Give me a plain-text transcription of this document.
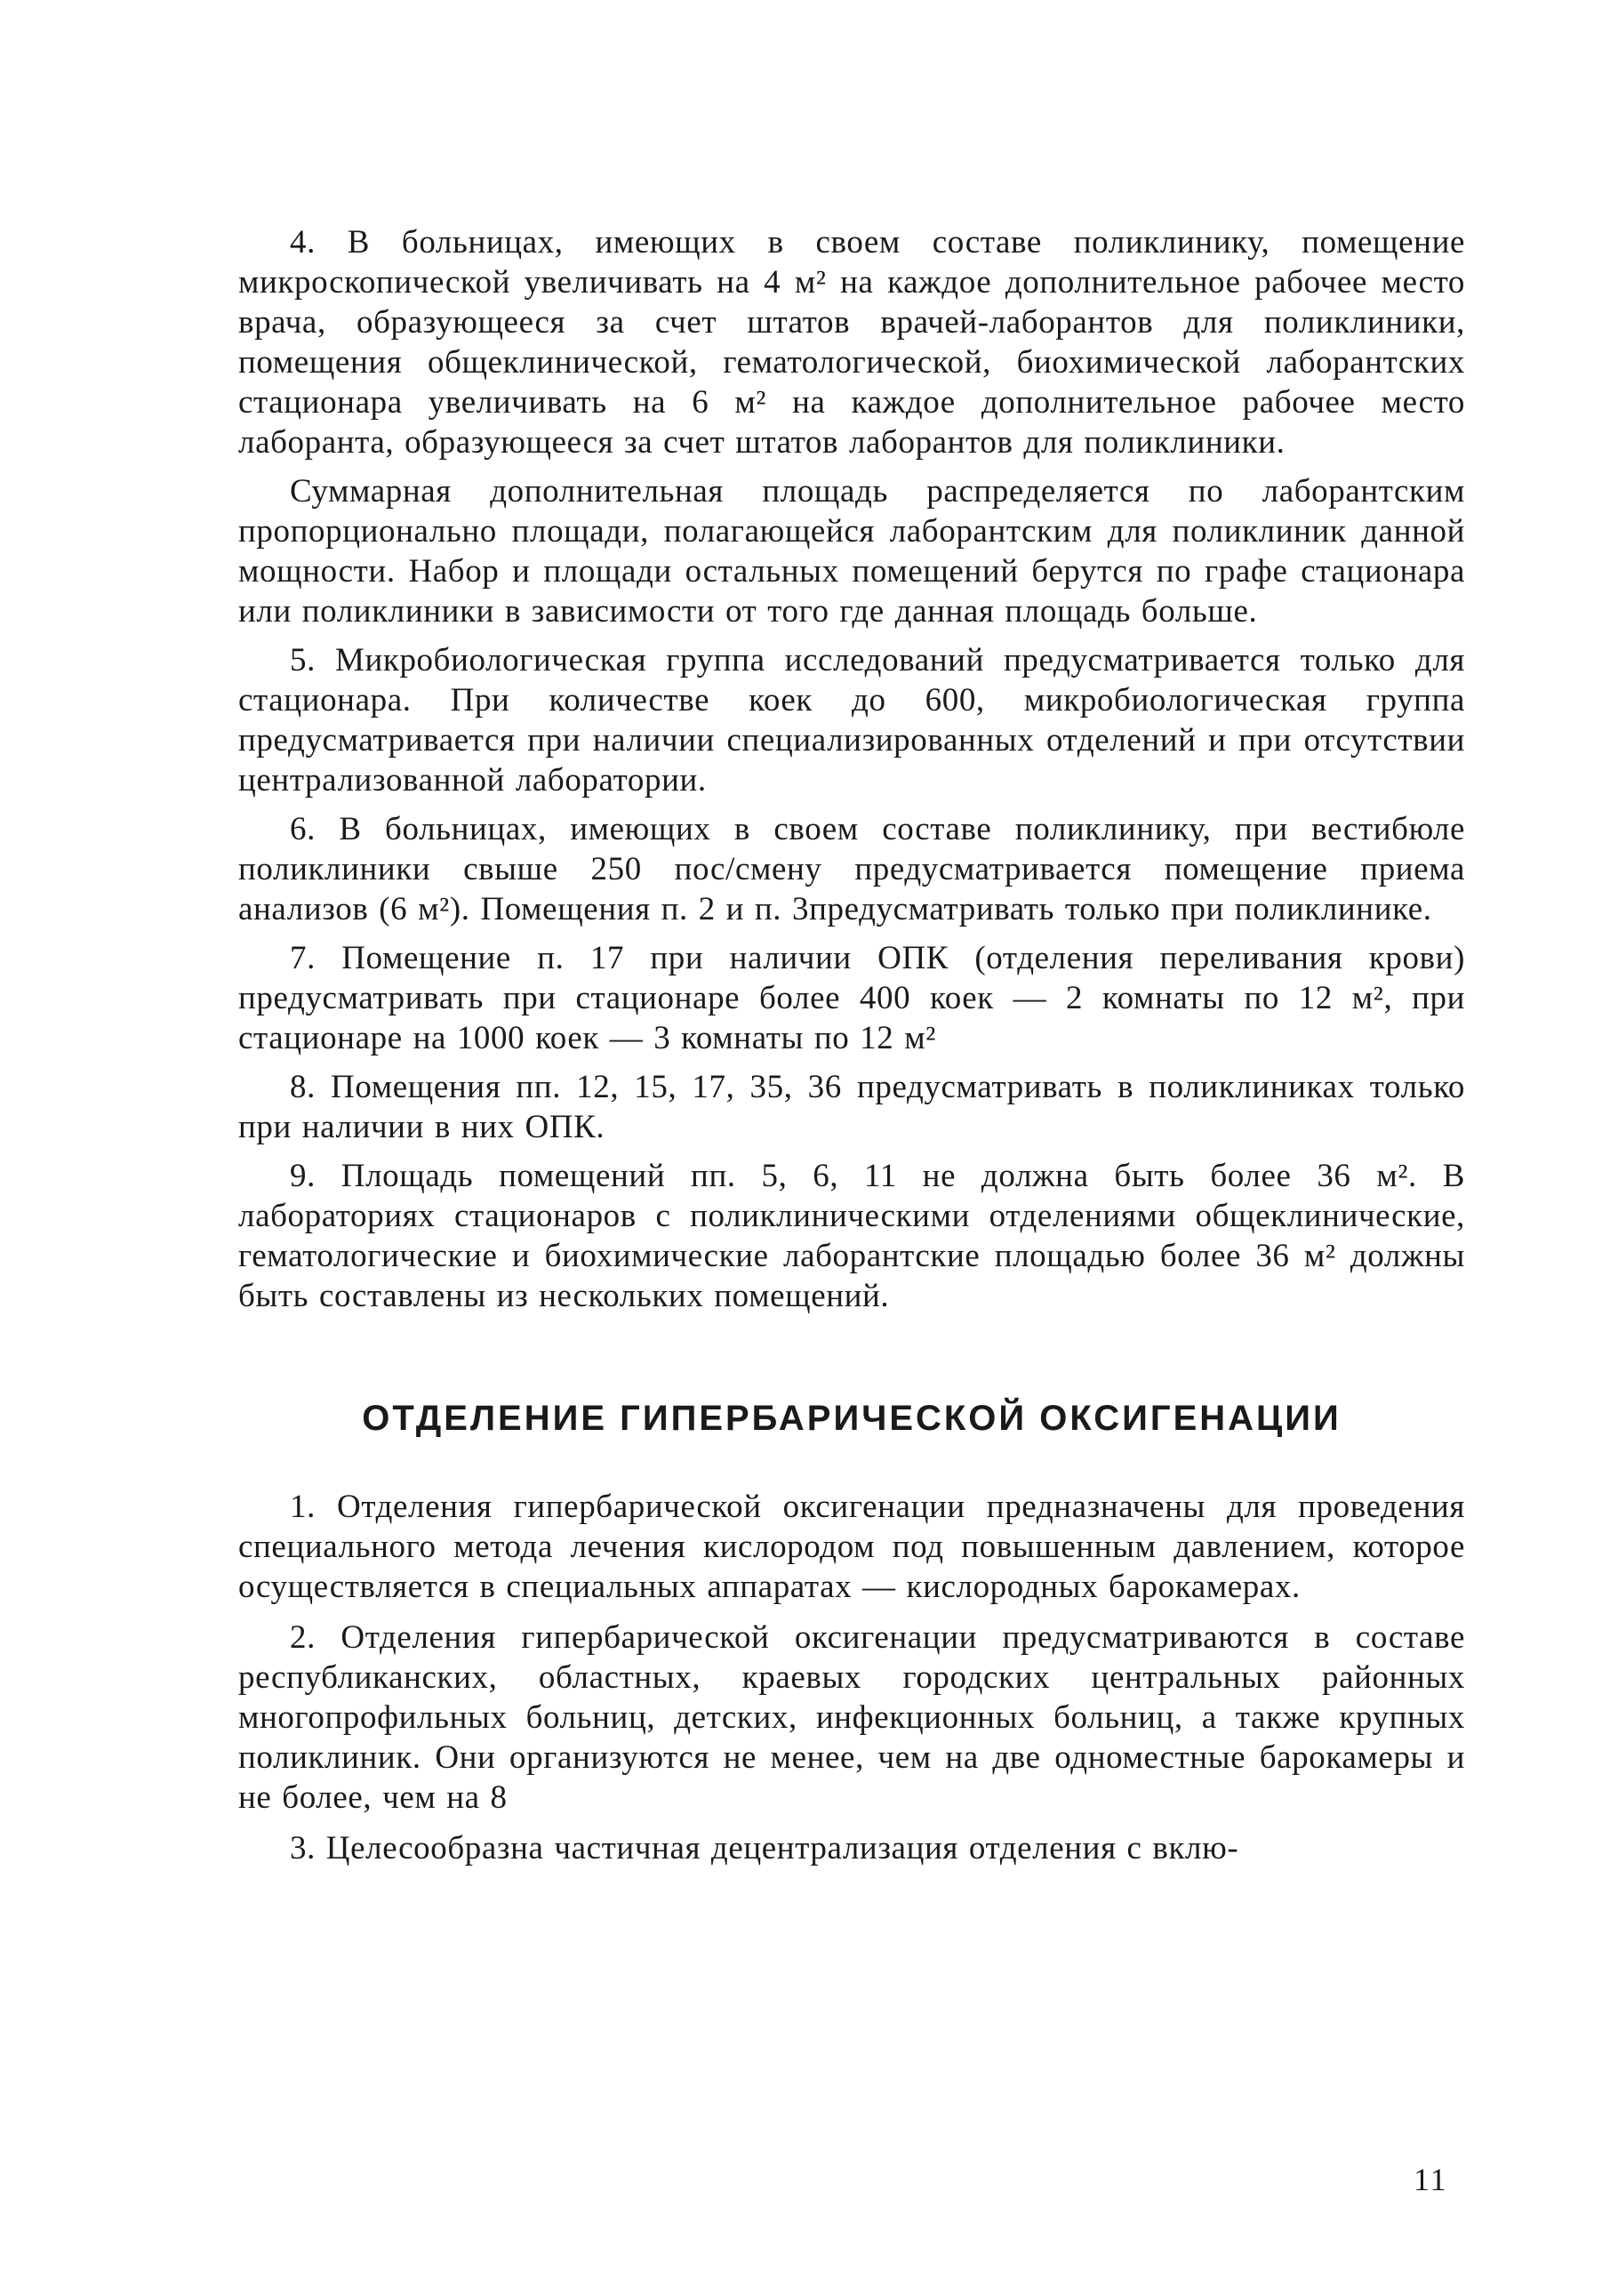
4. В больницах, имеющих в своем составе поликлинику, помещение микроскопической увеличивать на 4 м² на каждое дополнительное рабочее место врача, образующееся за счет штатов врачей-лаборантов для поликлиники, помещения общеклинической, гематологической, биохимической лаборантских стационара увеличивать на 6 м² на каждое дополнительное рабочее место лаборанта, образующееся за счет штатов лаборантов для поликлиники.

Суммарная дополнительная площадь распределяется по лаборантским пропорционально площади, полагающейся лаборантским для поликлиник данной мощности. Набор и площади остальных помещений берутся по графе стационара или поликлиники в зависимости от того где данная площадь больше.

5. Микробиологическая группа исследований предусматривается только для стационара. При количестве коек до 600, микробиологическая группа предусматривается при наличии специализированных отделений и при отсутствии централизованной лаборатории.

6. В больницах, имеющих в своем составе поликлинику, при вестибюле поликлиники свыше 250 пос/смену предусматривается помещение приема анализов (6 м²). Помещения п. 2 и п. 3предусматривать только при поликлинике.

7. Помещение п. 17 при наличии ОПК (отделения переливания крови) предусматривать при стационаре более 400 коек — 2 комнаты по 12 м², при стационаре на 1000 коек — 3 комнаты по 12 м²

8. Помещения пп. 12, 15, 17, 35, 36 предусматривать в поликлиниках только при наличии в них ОПК.

9. Площадь помещений пп. 5, 6, 11 не должна быть более 36 м². В лабораториях стационаров с поликлиническими отделениями общеклинические, гематологические и биохимические лаборантские площадью более 36 м² должны быть составлены из нескольких помещений.

ОТДЕЛЕНИЕ ГИПЕРБАРИЧЕСКОЙ ОКСИГЕНАЦИИ

1. Отделения гипербарической оксигенации предназначены для проведения специального метода лечения кислородом под повышенным давлением, которое осуществляется в специальных аппаратах — кислородных барокамерах.

2. Отделения гипербарической оксигенации предусматриваются в составе республиканских, областных, краевых городских центральных районных многопрофильных больниц, детских, инфекционных больниц, а также крупных поликлиник. Они организуются не менее, чем на две одноместные барокамеры и не более, чем на 8

3. Целесообразна частичная децентрализация отделения с вклю-

11
